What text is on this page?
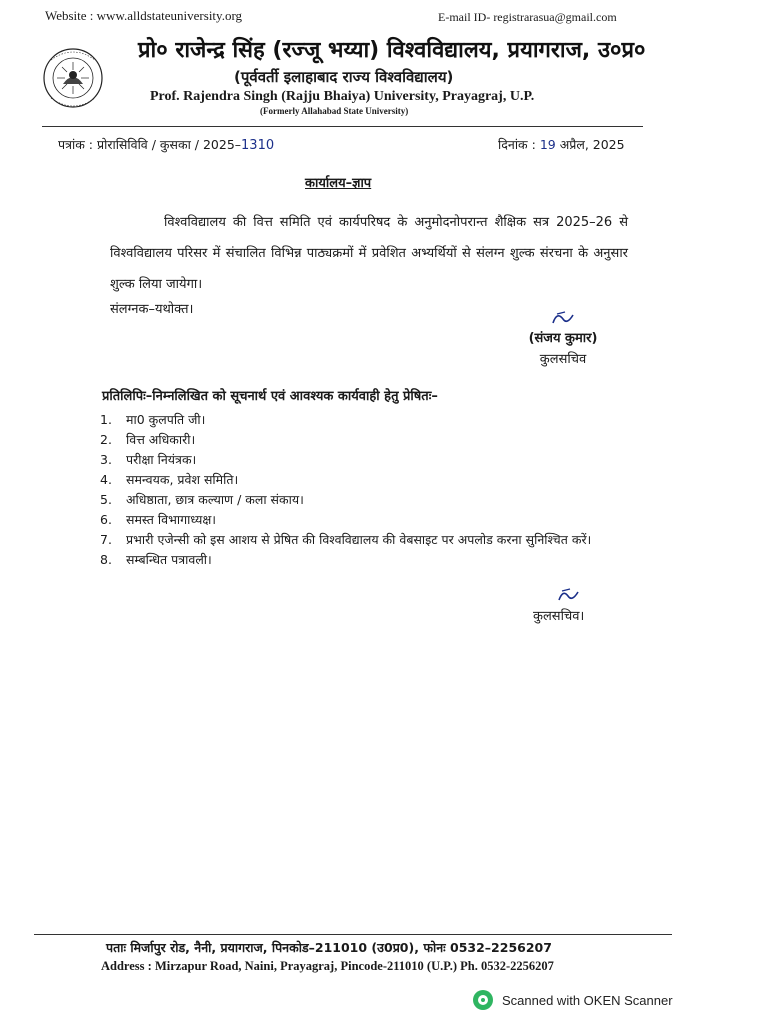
Website : www.alldstateuniversity.org	E-mail ID- registrarasua@gmail.com
प्रो० राजेन्द्र सिंह (रज्जू भय्या) विश्वविद्यालय, प्रयागराज, उ०प्र०
(पूर्ववर्ती इलाहाबाद राज्य विश्वविद्यालय)
Prof. Rajendra Singh (Rajju Bhaiya) University, Prayagraj, U.P.
(Formerly Allahabad State University)
पत्रांक : प्रोरासिविवि / कुसका / 2025–1310	दिनांक : 19 अप्रैल, 2025
कार्यालय–ज्ञाप
विश्वविद्यालय की वित्त समिति एवं कार्यपरिषद के अनुमोदनोपरान्त शैक्षिक सत्र 2025–26 से विश्वविद्यालय परिसर में संचालित विभिन्न पाठ्यक्रमों में प्रवेशित अभ्यर्थियों से संलग्न शुल्क संरचना के अनुसार शुल्क लिया जायेगा।
संलग्नक–यथोक्त।
(संजय कुमार)
कुलसचिव
प्रतिलिपिः–निम्नलिखित को सूचनार्थ एवं आवश्यक कार्यवाही हेतु प्रेषितः–
1.	मा0 कुलपति जी।
2.	वित्त अधिकारी।
3.	परीक्षा नियंत्रक।
4.	समन्वयक, प्रवेश समिति।
5.	अधिष्ठाता, छात्र कल्याण / कला संकाय।
6.	समस्त विभागाध्यक्ष।
7.	प्रभारी एजेन्सी को इस आशय से प्रेषित की विश्वविद्यालय की वेबसाइट पर अपलोड करना सुनिश्चित करें।
8.	सम्बन्धित पत्रावली।
कुलसचिव।
पताः मिर्जापुर रोड, नैनी, प्रयागराज, पिनकोड–211010 (उ0प्र0), फोनः 0532–2256207
Address : Mirzapur Road, Naini, Prayagraj, Pincode-211010 (U.P.) Ph. 0532-2256207
Scanned with OKEN Scanner
